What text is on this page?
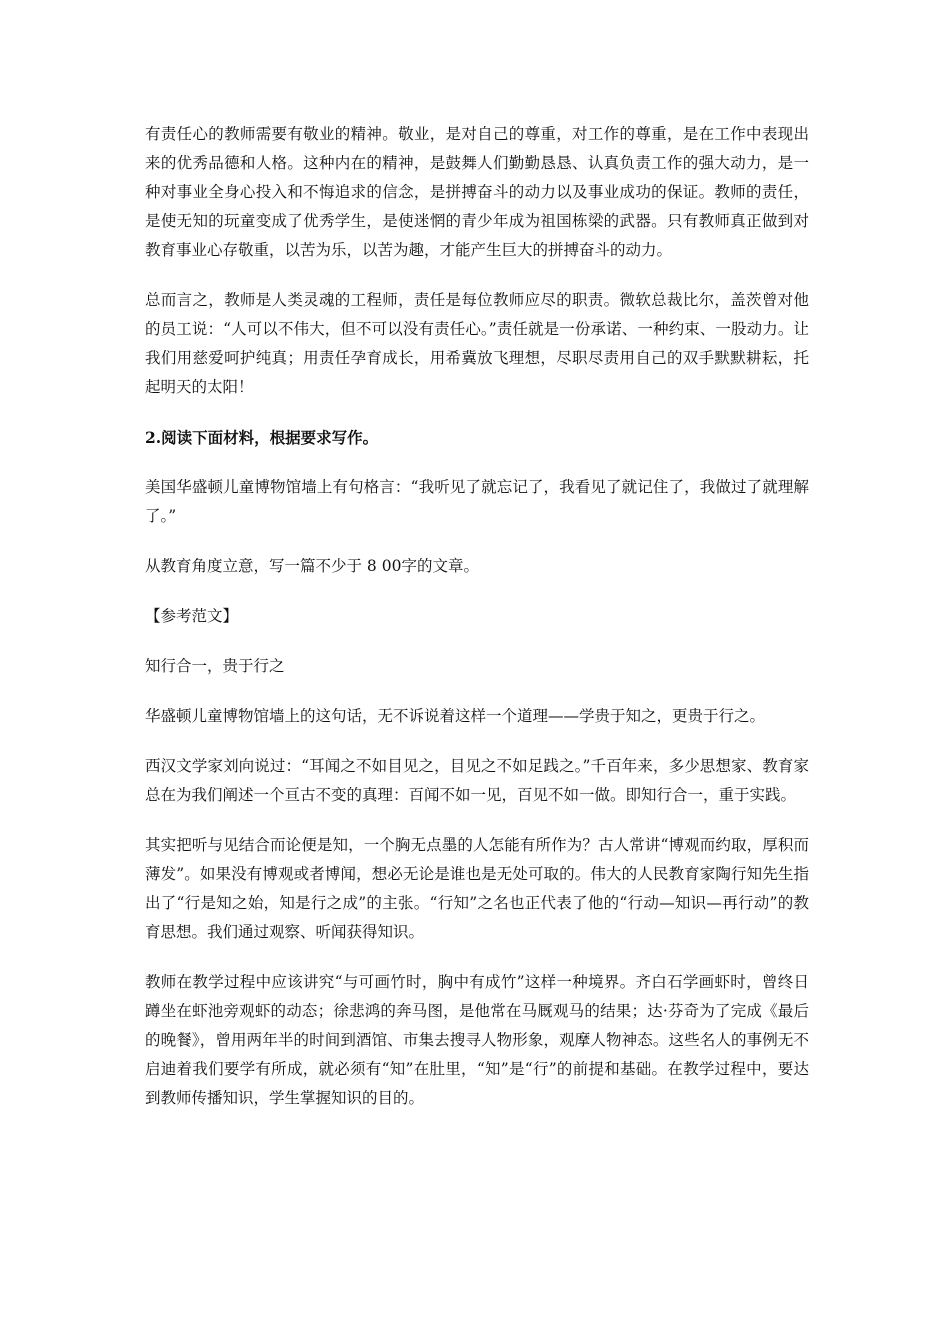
有责任心的教师需要有敬业的精神。敬业，是对自己的尊重，对工作的尊重，是在工作中表现出来的优秀品德和人格。这种内在的精神，是鼓舞人们勤勤恳恳、认真负责工作的强大动力，是一种对事业全身心投入和不悔追求的信念，是拼搏奋斗的动力以及事业成功的保证。教师的责任，是使无知的玩童变成了优秀学生，是使迷惘的青少年成为祖国栋梁的武器。只有教师真正做到对教育事业心存敬重，以苦为乐，以苦为趣，才能产生巨大的拼搏奋斗的动力。

总而言之，教师是人类灵魂的工程师，责任是每位教师应尽的职责。微软总裁比尔，盖茨曾对他的员工说：“人可以不伟大，但不可以没有责任心。”责任就是一份承诺、一种约束、一股动力。让我们用慈爱呵护纯真；用责任孕育成长，用希冀放飞理想，尽职尽责用自己的双手默默耕耘，托起明天的太阳！

2.阅读下面材料，根据要求写作。

美国华盛顿儿童博物馆墙上有句格言：“我听见了就忘记了，我看见了就记住了，我做过了就理解了。”

从教育角度立意，写一篇不少于 8 00字的文章。

【参考范文】

知行合一，贵于行之

华盛顿儿童博物馆墙上的这句话，无不诉说着这样一个道理——学贵于知之，更贵于行之。

西汉文学家刘向说过：“耳闻之不如目见之，目见之不如足践之。”千百年来，多少思想家、教育家总在为我们阐述一个亘古不变的真理：百闻不如一见，百见不如一做。即知行合一，重于实践。

其实把听与见结合而论便是知，一个胸无点墨的人怎能有所作为？古人常讲“博观而约取，厚积而薄发”。如果没有博观或者博闻，想必无论是谁也是无处可取的。伟大的人民教育家陶行知先生指出了“行是知之始，知是行之成”的主张。“行知”之名也正代表了他的“行动—知识—再行动”的教育思想。我们通过观察、听闻获得知识。

教师在教学过程中应该讲究“与可画竹时，胸中有成竹”这样一种境界。齐白石学画虾时，曾终日蹲坐在虾池旁观虾的动态；徐悲鸿的奔马图，是他常在马厩观马的结果；达·芬奇为了完成《最后的晚餐》，曾用两年半的时间到酒馆、市集去搜寻人物形象，观摩人物神态。这些名人的事例无不启迪着我们要学有所成，就必须有“知”在肚里，“知”是“行”的前提和基础。在教学过程中，要达到教师传播知识，学生掌握知识的目的。
